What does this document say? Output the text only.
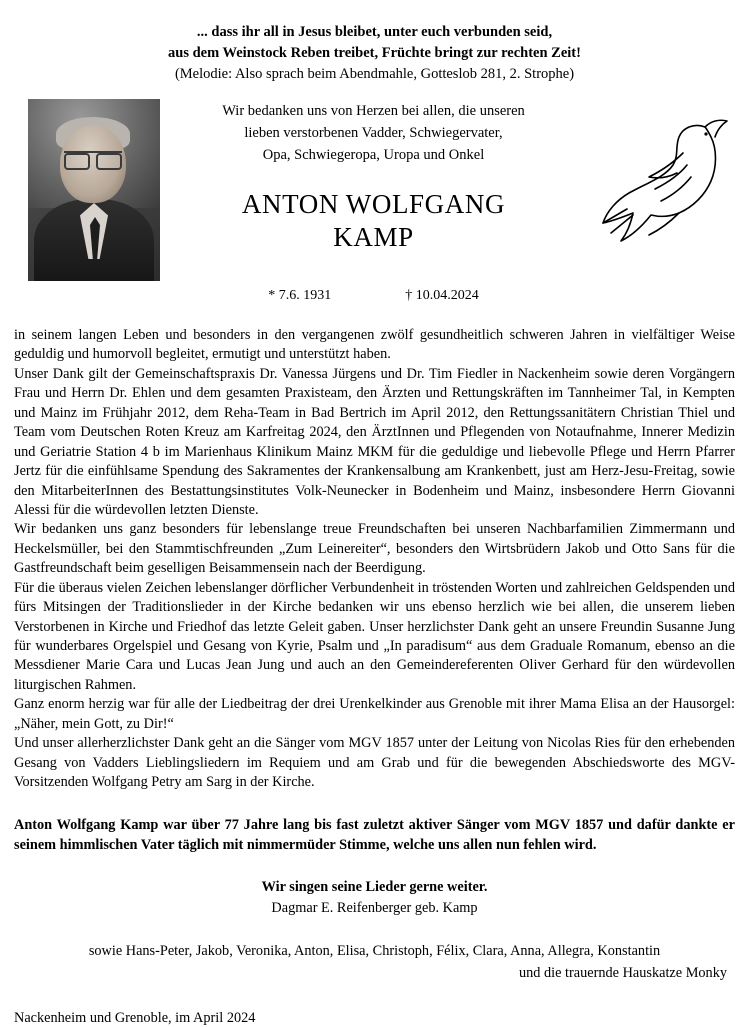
... dass ihr all in Jesus bleibet, unter euch verbunden seid,
aus dem Weinstock Reben treibet, Früchte bringt zur rechten Zeit!
(Melodie: Also sprach beim Abendmahle, Gotteslob 281, 2. Strophe)
Wir bedanken uns von Herzen bei allen, die unseren
lieben verstorbenen Vadder, Schwiegervater,
Opa, Schwiegeropa, Uropa und Onkel
ANTON WOLFGANG
KAMP
* 7.6. 1931	† 10.04.2024

in seinem langen Leben und besonders in den vergangenen zwölf gesundheitlich schweren Jahren in vielfältiger Weise geduldig und humorvoll begleitet, ermutigt und unterstützt haben.

Unser Dank gilt der Gemeinschaftspraxis Dr. Vanessa Jürgens und Dr. Tim Fiedler in Nackenheim sowie deren Vorgängern Frau und Herrn Dr. Ehlen und dem gesamten Praxisteam, den Ärzten und Rettungskräften im Tannheimer Tal, in Kempten und Mainz im Frühjahr 2012, dem Reha-Team in Bad Bertrich im April 2012, den Rettungssanitätern Christian Thiel und Team vom Deutschen Roten Kreuz am Karfreitag 2024, den ÄrztInnen und Pflegenden von Notaufnahme, Innerer Medizin und Geriatrie Station 4 b im Marienhaus Klinikum Mainz MKM für die geduldige und liebevolle Pflege und Herrn Pfarrer Jertz für die einfühlsame Spendung des Sakramentes der Krankensalbung am Krankenbett, just am Herz-Jesu-Freitag, sowie den MitarbeiterInnen des Bestattungsinstitutes Volk-Neunecker in Bodenheim und Mainz, insbesondere Herrn Giovanni Alessi für die würdevollen letzten Dienste.

Wir bedanken uns ganz besonders für lebenslange treue Freundschaften bei unseren Nachbarfamilien Zimmermann und Heckelsmüller, bei den Stammtischfreunden „Zum Leinereiter“, besonders den Wirtsbrüdern Jakob und Otto Sans für die Gastfreundschaft beim geselligen Beisammensein nach der Beerdigung.

Für die überaus vielen Zeichen lebenslanger dörflicher Verbundenheit in tröstenden Worten und zahlreichen Geldspenden und fürs Mitsingen der Traditionslieder in der Kirche bedanken wir uns ebenso herzlich wie bei allen, die unserem lieben Verstorbenen in Kirche und Friedhof das letzte Geleit gaben. Unser herzlichster Dank geht an unsere Freundin Susanne Jung für wunderbares Orgelspiel und Gesang von Kyrie, Psalm und „In paradisum“ aus dem Graduale Romanum, ebenso an die Messdiener Marie Cara und Lucas Jean Jung und auch an den Gemeindereferenten Oliver Gerhard für den würdevollen liturgischen Rahmen.

Ganz enorm herzig war für alle der Liedbeitrag der drei Urenkelkinder aus Grenoble mit ihrer Mama Elisa an der Hausorgel: „Näher, mein Gott, zu Dir!“

Und unser allerherzlichster Dank geht an die Sänger vom MGV 1857 unter der Leitung von Nicolas Ries für den erhebenden Gesang von Vadders Lieblingsliedern im Requiem und am Grab und für die bewegenden Abschiedsworte des MGV-Vorsitzenden Wolfgang Petry am Sarg in der Kirche.

Anton Wolfgang Kamp war über 77 Jahre lang bis fast zuletzt aktiver Sänger vom MGV 1857 und dafür dankte er seinem himmlischen Vater täglich mit nimmermüder Stimme, welche uns allen nun fehlen wird.
Wir singen seine Lieder gerne weiter.
Dagmar E. Reifenberger geb. Kamp
sowie Hans-Peter, Jakob, Veronika, Anton, Elisa, Christoph, Félix, Clara, Anna, Allegra, Konstantin
und die trauernde Hauskatze Monky
Nackenheim und Grenoble, im April 2024
